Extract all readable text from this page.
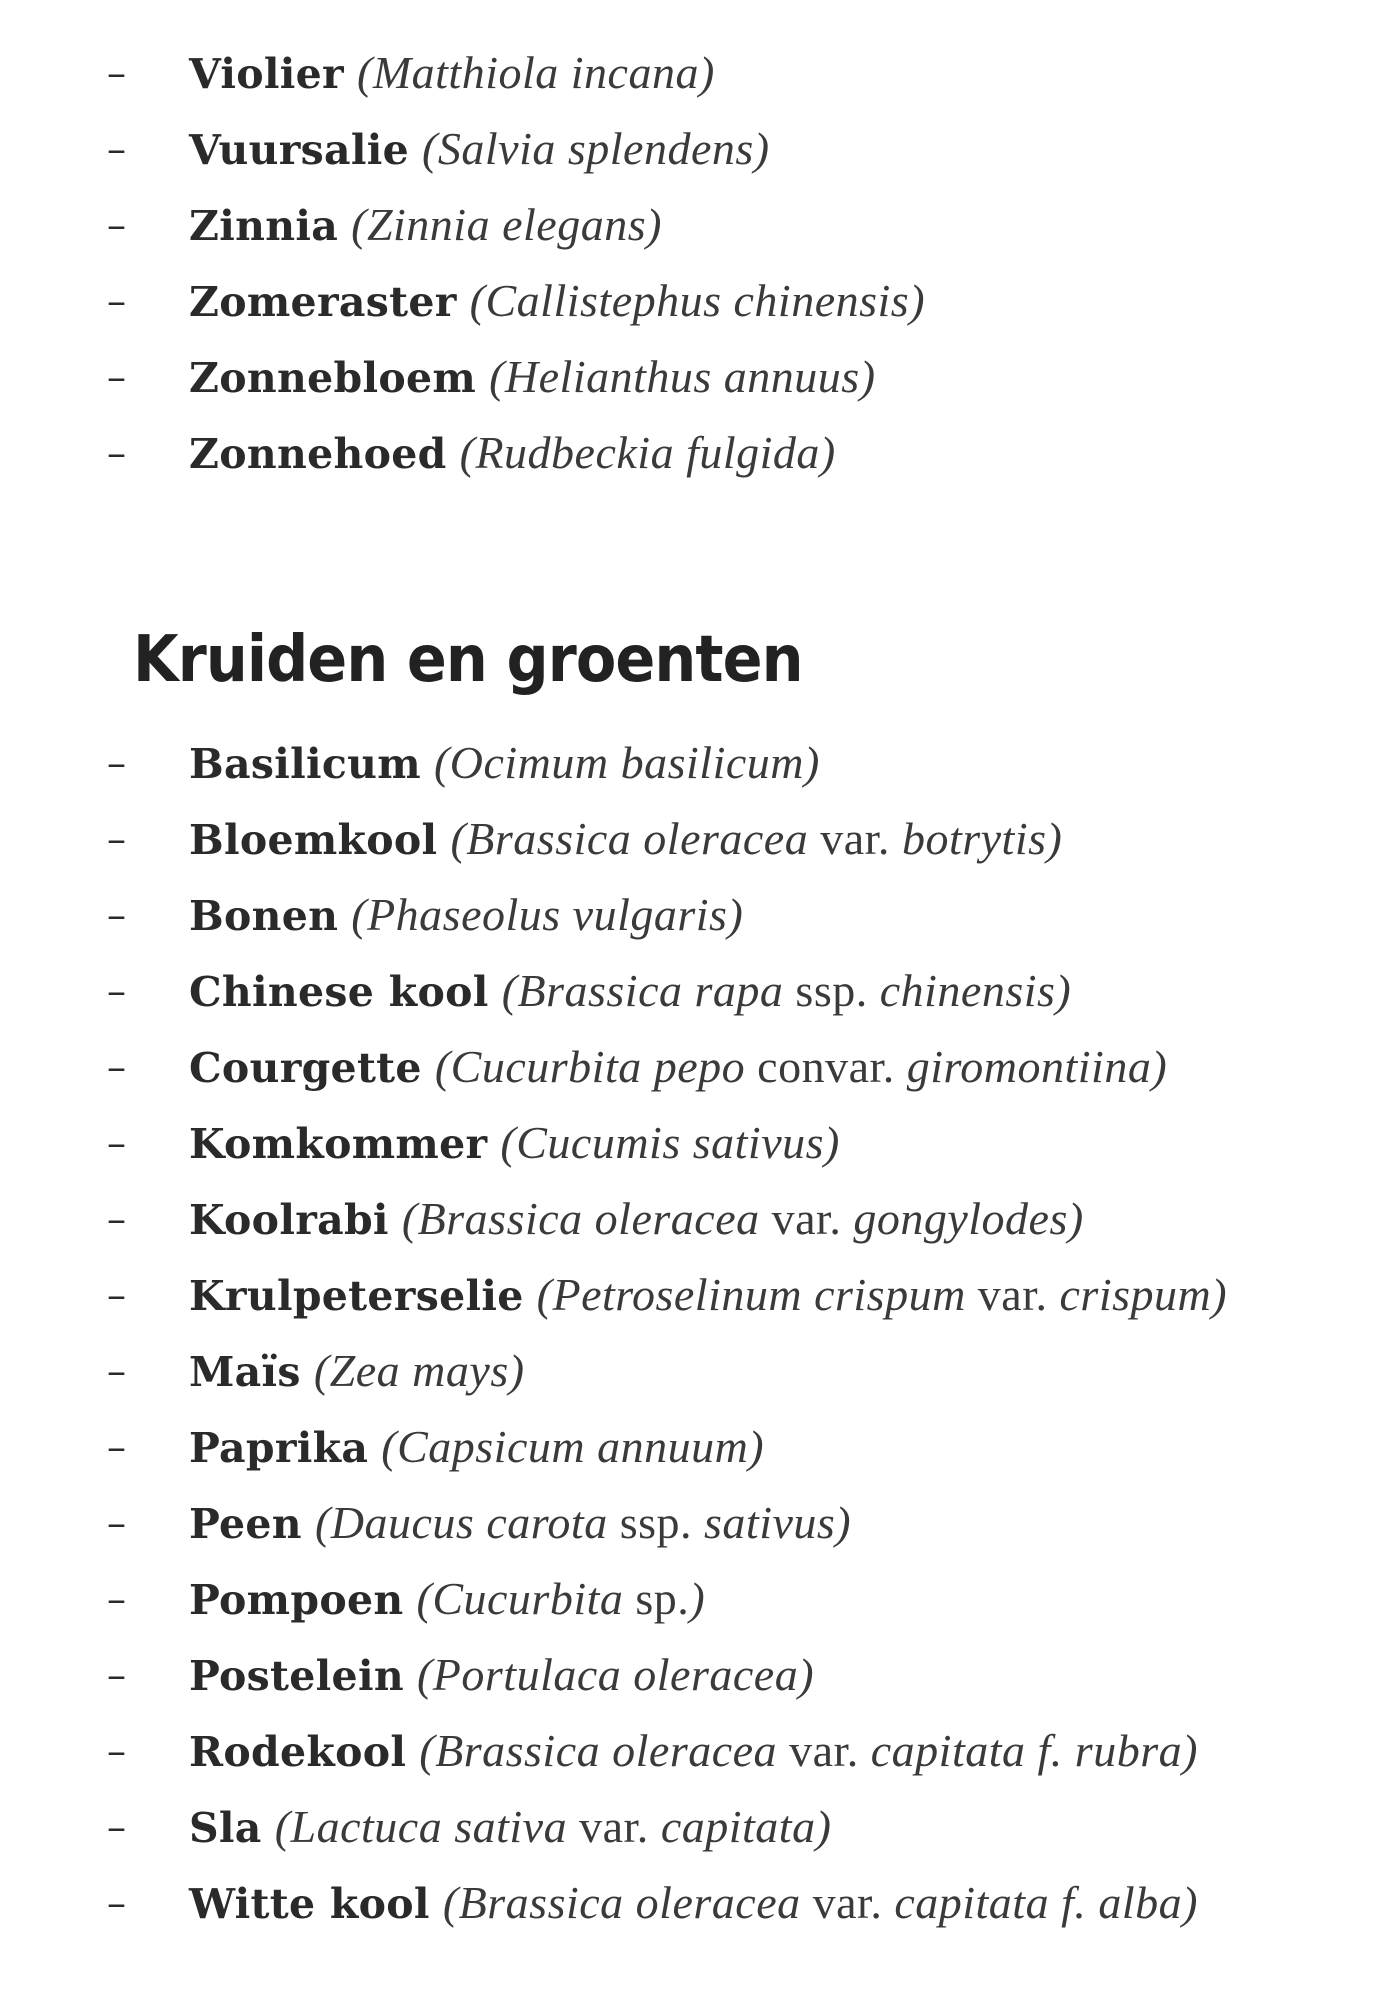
– Violier (Matthiola incana)
– Vuursalie (Salvia splendens)
– Zinnia (Zinnia elegans)
– Zomeraster (Callistephus chinensis)
– Zonnebloem (Helianthus annuus)
– Zonnehoed (Rudbeckia fulgida)
Kruiden en groenten
– Basilicum (Ocimum basilicum)
– Bloemkool (Brassica oleracea var. botrytis)
– Bonen (Phaseolus vulgaris)
– Chinese kool (Brassica rapa ssp. chinensis)
– Courgette (Cucurbita pepo convar. giromontiina)
– Komkommer (Cucumis sativus)
– Koolrabi (Brassica oleracea var. gongylodes)
– Krulpeterselie (Petroselinum crispum var. crispum)
– Maïs (Zea mays)
– Paprika (Capsicum annuum)
– Peen (Daucus carota ssp. sativus)
– Pompoen (Cucurbita sp.)
– Postelein (Portulaca oleracea)
– Rodekool (Brassica oleracea var. capitata f. rubra)
– Sla (Lactuca sativa var. capitata)
– Witte kool (Brassica oleracea var. capitata f. alba)
